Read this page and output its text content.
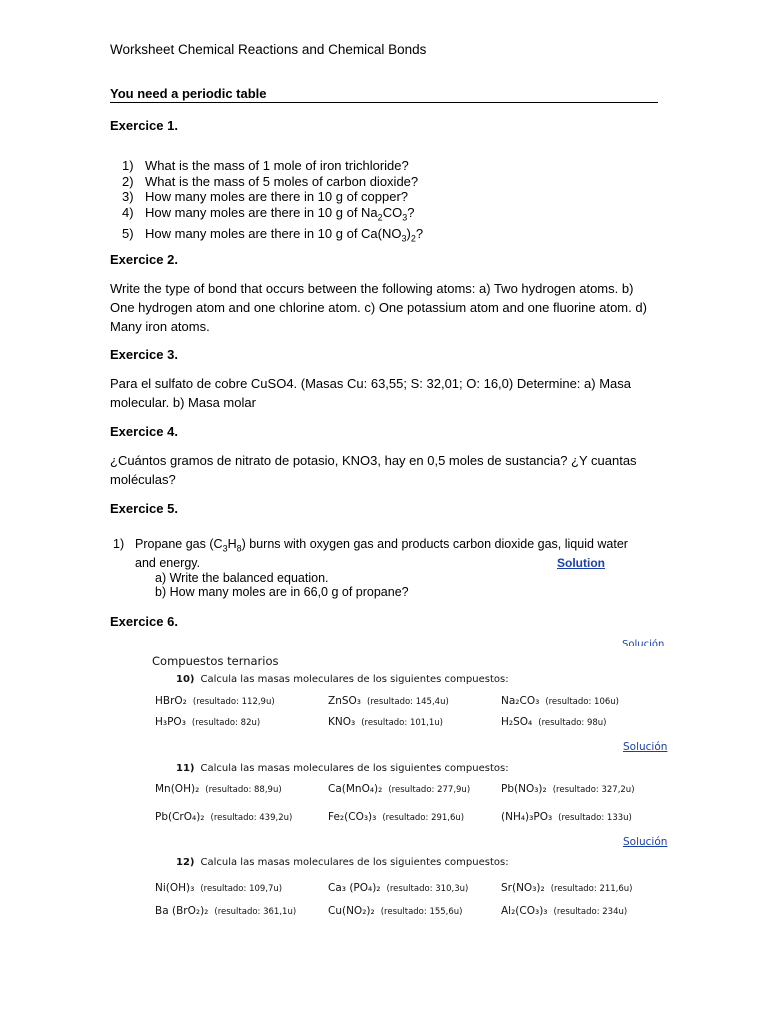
Worksheet Chemical Reactions and Chemical Bonds
You need a periodic table
Exercice 1.
1) What is the mass of 1 mole of iron trichloride?
2) What is the mass of 5 moles of carbon dioxide?
3) How many moles are there in 10 g of copper?
4) How many moles are there in 10 g of $Na_2CO_3$?
5) How many moles are there in 10 g of $Ca(NO_3)_2$?
Exercice 2.
Write the type of bond that occurs between the following atoms: a) Two hydrogen atoms. b) One hydrogen atom and one chlorine atom. c) One potassium atom and one fluorine atom. d) Many iron atoms.
Exercice 3.
Para el sulfato de cobre CuSO4. (Masas Cu: 63,55; S: 32,01; O: 16,0) Determine: a) Masa molecular. b) Masa molar
Exercice 4.
¿Cuántos gramos de nitrato de potasio, KNO3, hay en 0,5 moles de sustancia? ¿Y cuantas moléculas?
Exercice 5.
1) Propane gas $(C_3H_8)$ burns with oxygen gas and products carbon dioxide gas, liquid water
and energy.	Solution
a) Write the balanced equation.
b) How many moles are in 66,0 g of propane?
Exercice 6.
Solución
Compuestos ternarios
10) Calcula las masas moleculares de los siguientes compuestos:
HBrO₂ (resultado: 112,9u)	ZnSO₃ (resultado: 145,4u)	Na₂CO₃ (resultado: 106u)
H₃PO₃ (resultado: 82u)	KNO₃ (resultado: 101,1u)	H₂SO₄ (resultado: 98u)
Solución
11) Calcula las masas moleculares de los siguientes compuestos:
Mn(OH)₂ (resultado: 88,9u)	Ca(MnO₄)₂ (resultado: 277,9u)	Pb(NO₃)₂ (resultado: 327,2u)
Pb(CrO₄)₂ (resultado: 439,2u)	Fe₂(CO₃)₃ (resultado: 291,6u)	(NH₄)₃PO₃ (resultado: 133u)
Solución
12) Calcula las masas moleculares de los siguientes compuestos:
Ni(OH)₃ (resultado: 109,7u)	Ca₃ (PO₄)₂ (resultado: 310,3u)	Sr(NO₃)₂ (resultado: 211,6u)
Ba (BrO₂)₂ (resultado: 361,1u)	Cu(NO₂)₂ (resultado: 155,6u)	Al₂(CO₃)₃ (resultado: 234u)
